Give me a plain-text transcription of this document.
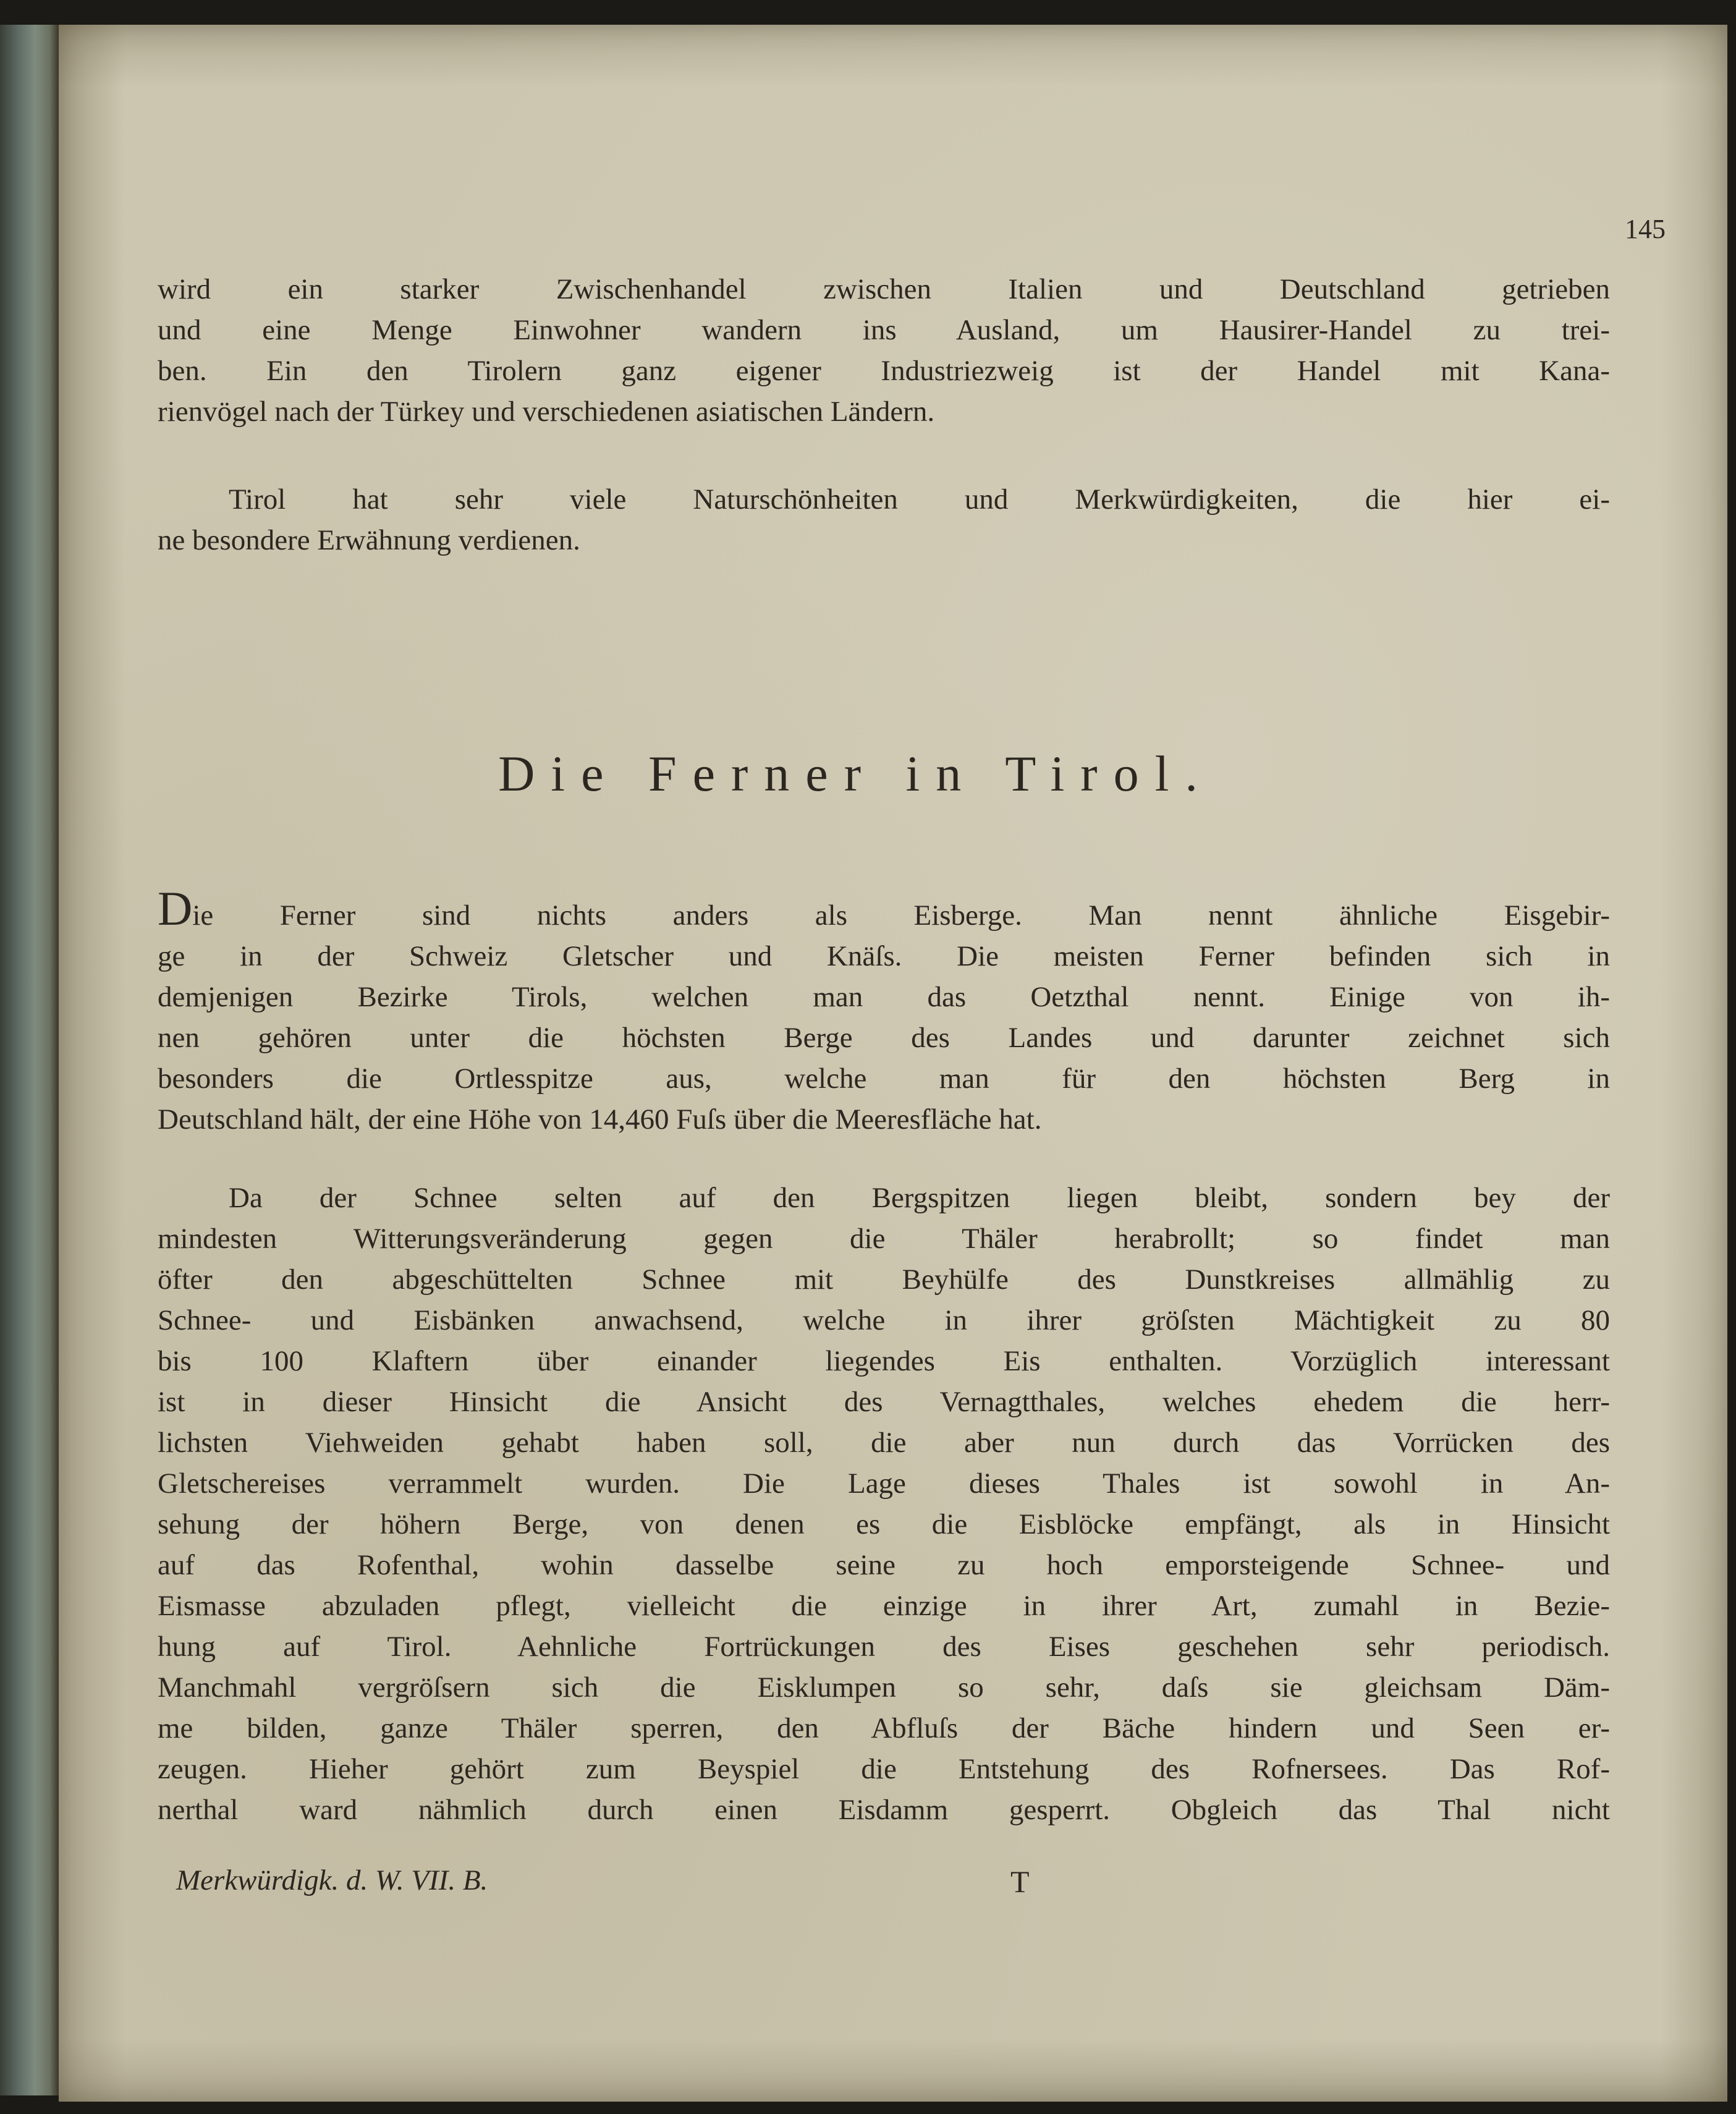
145
wird ein starker Zwischenhandel zwischen Italien und Deutschland getrieben
und eine Menge Einwohner wandern ins Ausland, um Hausirer-Handel zu trei-
ben. Ein den Tirolern ganz eigener Industriezweig ist der Handel mit Kana-
rienvögel nach der Türkey und verschiedenen asiatischen Ländern.
Tirol hat sehr viele Naturschönheiten und Merkwürdigkeiten, die hier ei-
ne besondere Erwähnung verdienen.
Die Ferner in Tirol.
Die Ferner sind nichts anders als Eisberge. Man nennt ähnliche Eisgebir-
ge in der Schweiz Gletscher und Knäſs. Die meisten Ferner befinden sich in
demjenigen Bezirke Tirols, welchen man das Oetzthal nennt. Einige von ih-
nen gehören unter die höchsten Berge des Landes und darunter zeichnet sich
besonders die Ortlesspitze aus, welche man für den höchsten Berg in
Deutschland hält, der eine Höhe von 14,460 Fuſs über die Meeresfläche hat.
Da der Schnee selten auf den Bergspitzen liegen bleibt, sondern bey der
mindesten Witterungsveränderung gegen die Thäler herabrollt; so findet man
öfter den abgeschüttelten Schnee mit Beyhülfe des Dunstkreises allmählig zu
Schnee- und Eisbänken anwachsend, welche in ihrer gröſsten Mächtigkeit zu 80
bis 100 Klaftern über einander liegendes Eis enthalten. Vorzüglich interessant
ist in dieser Hinsicht die Ansicht des Vernagtthales, welches ehedem die herr-
lichsten Viehweiden gehabt haben soll, die aber nun durch das Vorrücken des
Gletschereises verrammelt wurden. Die Lage dieses Thales ist sowohl in An-
sehung der höhern Berge, von denen es die Eisblöcke empfängt, als in Hinsicht
auf das Rofenthal, wohin dasselbe seine zu hoch emporsteigende Schnee- und
Eismasse abzuladen pflegt, vielleicht die einzige in ihrer Art, zumahl in Bezie-
hung auf Tirol. Aehnliche Fortrückungen des Eises geschehen sehr periodisch.
Manchmahl vergröſsern sich die Eisklumpen so sehr, daſs sie gleichsam Däm-
me bilden, ganze Thäler sperren, den Abfluſs der Bäche hindern und Seen er-
zeugen. Hieher gehört zum Beyspiel die Entstehung des Rofnersees. Das Rof-
nerthal ward nähmlich durch einen Eisdamm gesperrt. Obgleich das Thal nicht
Merkwürdigk. d. W. VII. B.	T
